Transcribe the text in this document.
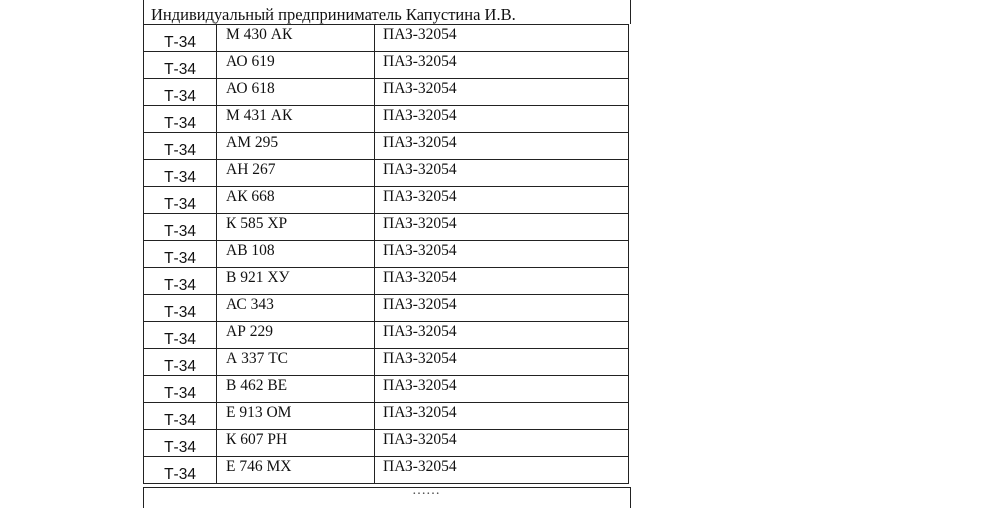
Индивидуальный предприниматель Капустина И.В.
Т-34	М 430 АК	ПАЗ-32054
Т-34	АО 619	ПАЗ-32054
Т-34	АО 618	ПАЗ-32054
Т-34	М 431 АК	ПАЗ-32054
Т-34	АМ 295	ПАЗ-32054
Т-34	АН 267	ПАЗ-32054
Т-34	АК 668	ПАЗ-32054
Т-34	К 585 ХР	ПАЗ-32054
Т-34	АВ 108	ПАЗ-32054
Т-34	В 921 ХУ	ПАЗ-32054
Т-34	АС 343	ПАЗ-32054
Т-34	АР 229	ПАЗ-32054
Т-34	А 337 ТС	ПАЗ-32054
Т-34	В 462 ВЕ	ПАЗ-32054
Т-34	Е 913 ОМ	ПАЗ-32054
Т-34	К 607 РН	ПАЗ-32054
Т-34	Е 746 МХ	ПАЗ-32054
……
